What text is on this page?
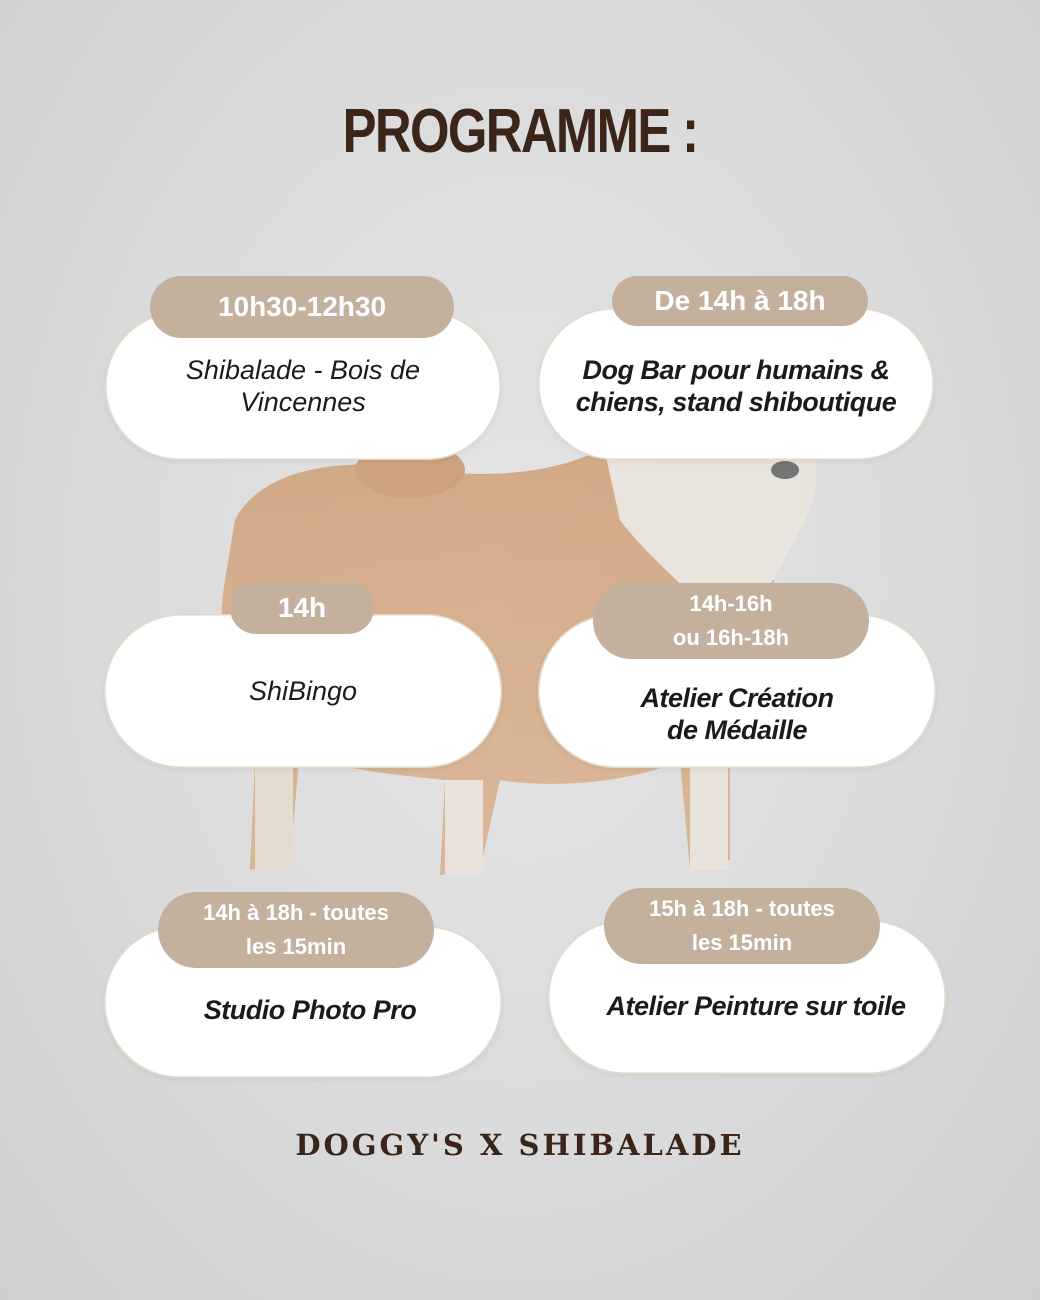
PROGRAMME :
Shibalade - Bois de Vincennes
10h30-12h30
Dog Bar pour humains & chiens, stand shiboutique
De 14h à 18h
ShiBingo
14h
Atelier Création
de Médaille
14h-16h
ou 16h-18h
Studio Photo Pro
14h à 18h - toutes
les 15min
Atelier Peinture sur toile
15h à 18h - toutes
les 15min
DOGGY'S X SHIBALADE
